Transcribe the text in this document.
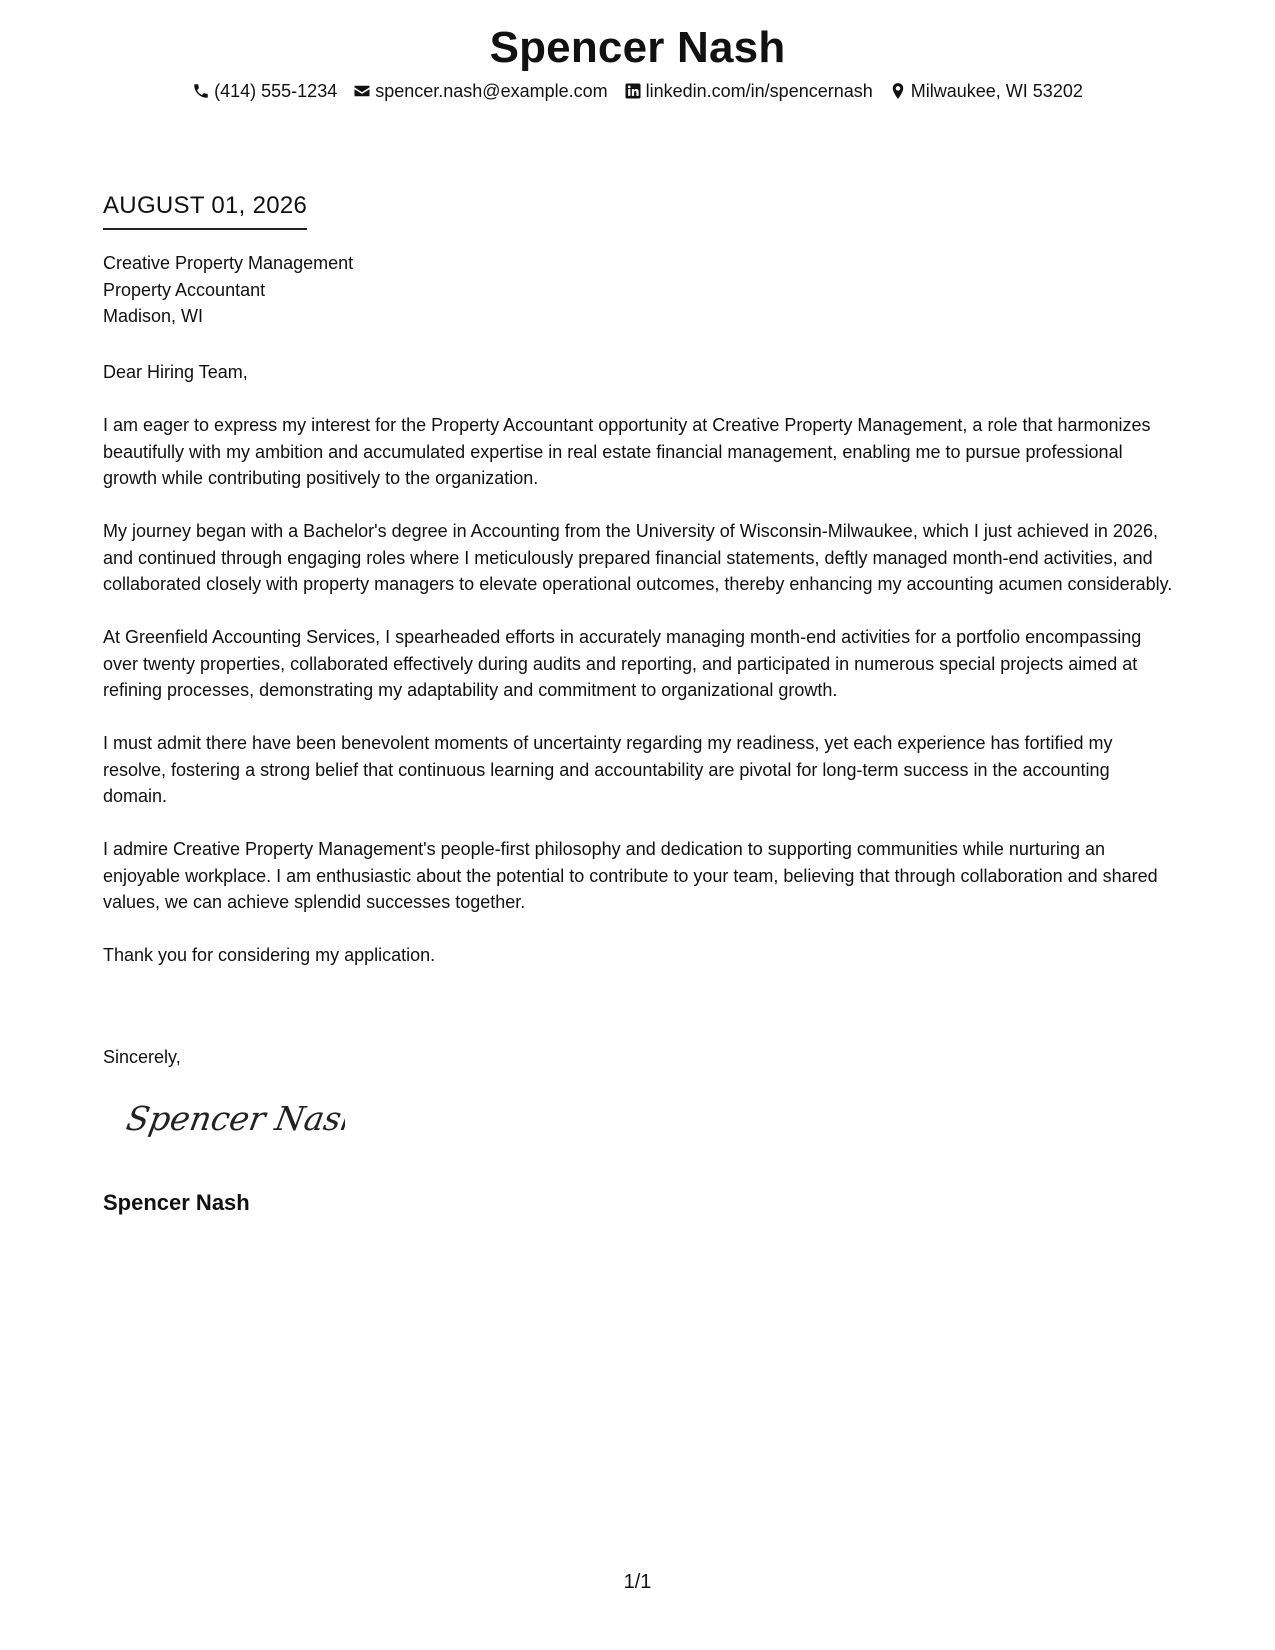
Spencer Nash
(414) 555-1234 spencer.nash@example.com linkedin.com/in/spencernash Milwaukee, WI 53202
AUGUST 01, 2026
Creative Property Management
Property Accountant
Madison, WI

Dear Hiring Team,

I am eager to express my interest for the Property Accountant opportunity at Creative Property Management, a role that harmonizes beautifully with my ambition and accumulated expertise in real estate financial management, enabling me to pursue professional growth while contributing positively to the organization.

My journey began with a Bachelor's degree in Accounting from the University of Wisconsin-Milwaukee, which I just achieved in 2026, and continued through engaging roles where I meticulously prepared financial statements, deftly managed month-end activities, and collaborated closely with property managers to elevate operational outcomes, thereby enhancing my accounting acumen considerably.

At Greenfield Accounting Services, I spearheaded efforts in accurately managing month-end activities for a portfolio encompassing over twenty properties, collaborated effectively during audits and reporting, and participated in numerous special projects aimed at refining processes, demonstrating my adaptability and commitment to organizational growth.

I must admit there have been benevolent moments of uncertainty regarding my readiness, yet each experience has fortified my resolve, fostering a strong belief that continuous learning and accountability are pivotal for long-term success in the accounting domain.

I admire Creative Property Management's people-first philosophy and dedication to supporting communities while nurturing an enjoyable workplace. I am enthusiastic about the potential to contribute to your team, believing that through collaboration and shared values, we can achieve splendid successes together.

Thank you for considering my application.

Sincerely,
Spencer Nash
Spencer Nash
1/1
